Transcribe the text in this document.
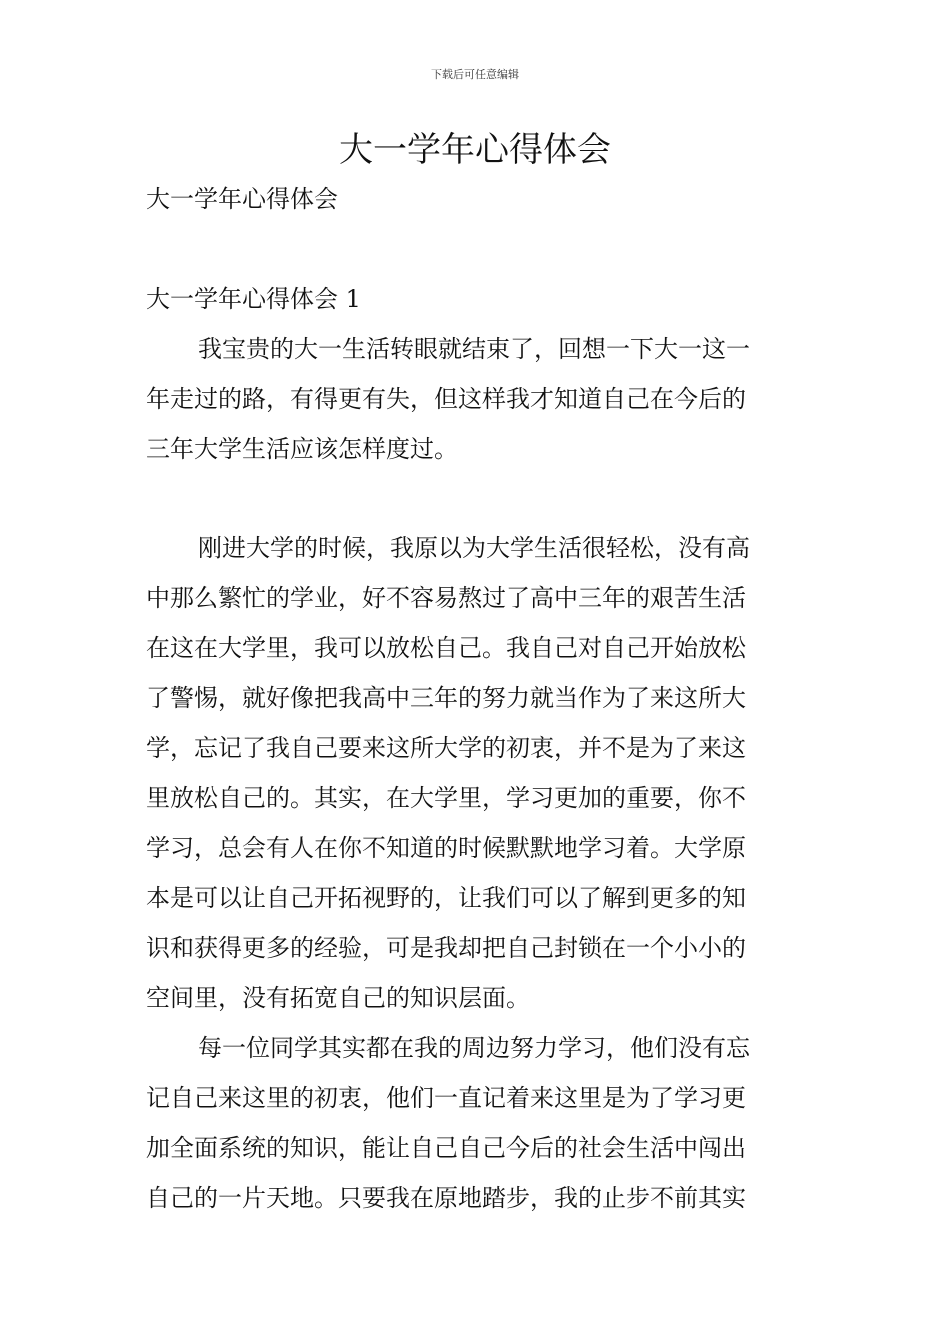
下载后可任意编辑
大一学年心得体会
大一学年心得体会
大一学年心得体会 1
我宝贵的大一生活转眼就结束了，回想一下大一这一
年走过的路，有得更有失，但这样我才知道自己在今后的
三年大学生活应该怎样度过。
刚进大学的时候，我原以为大学生活很轻松，没有高
中那么繁忙的学业，好不容易熬过了高中三年的艰苦生活
在这在大学里，我可以放松自己。我自己对自己开始放松
了警惕，就好像把我高中三年的努力就当作为了来这所大
学，忘记了我自己要来这所大学的初衷，并不是为了来这
里放松自己的。其实，在大学里，学习更加的重要，你不
学习，总会有人在你不知道的时候默默地学习着。大学原
本是可以让自己开拓视野的，让我们可以了解到更多的知
识和获得更多的经验，可是我却把自己封锁在一个小小的
空间里，没有拓宽自己的知识层面。
每一位同学其实都在我的周边努力学习，他们没有忘
记自己来这里的初衷，他们一直记着来这里是为了学习更
加全面系统的知识，能让自己自己今后的社会生活中闯出
自己的一片天地。只要我在原地踏步，我的止步不前其实
